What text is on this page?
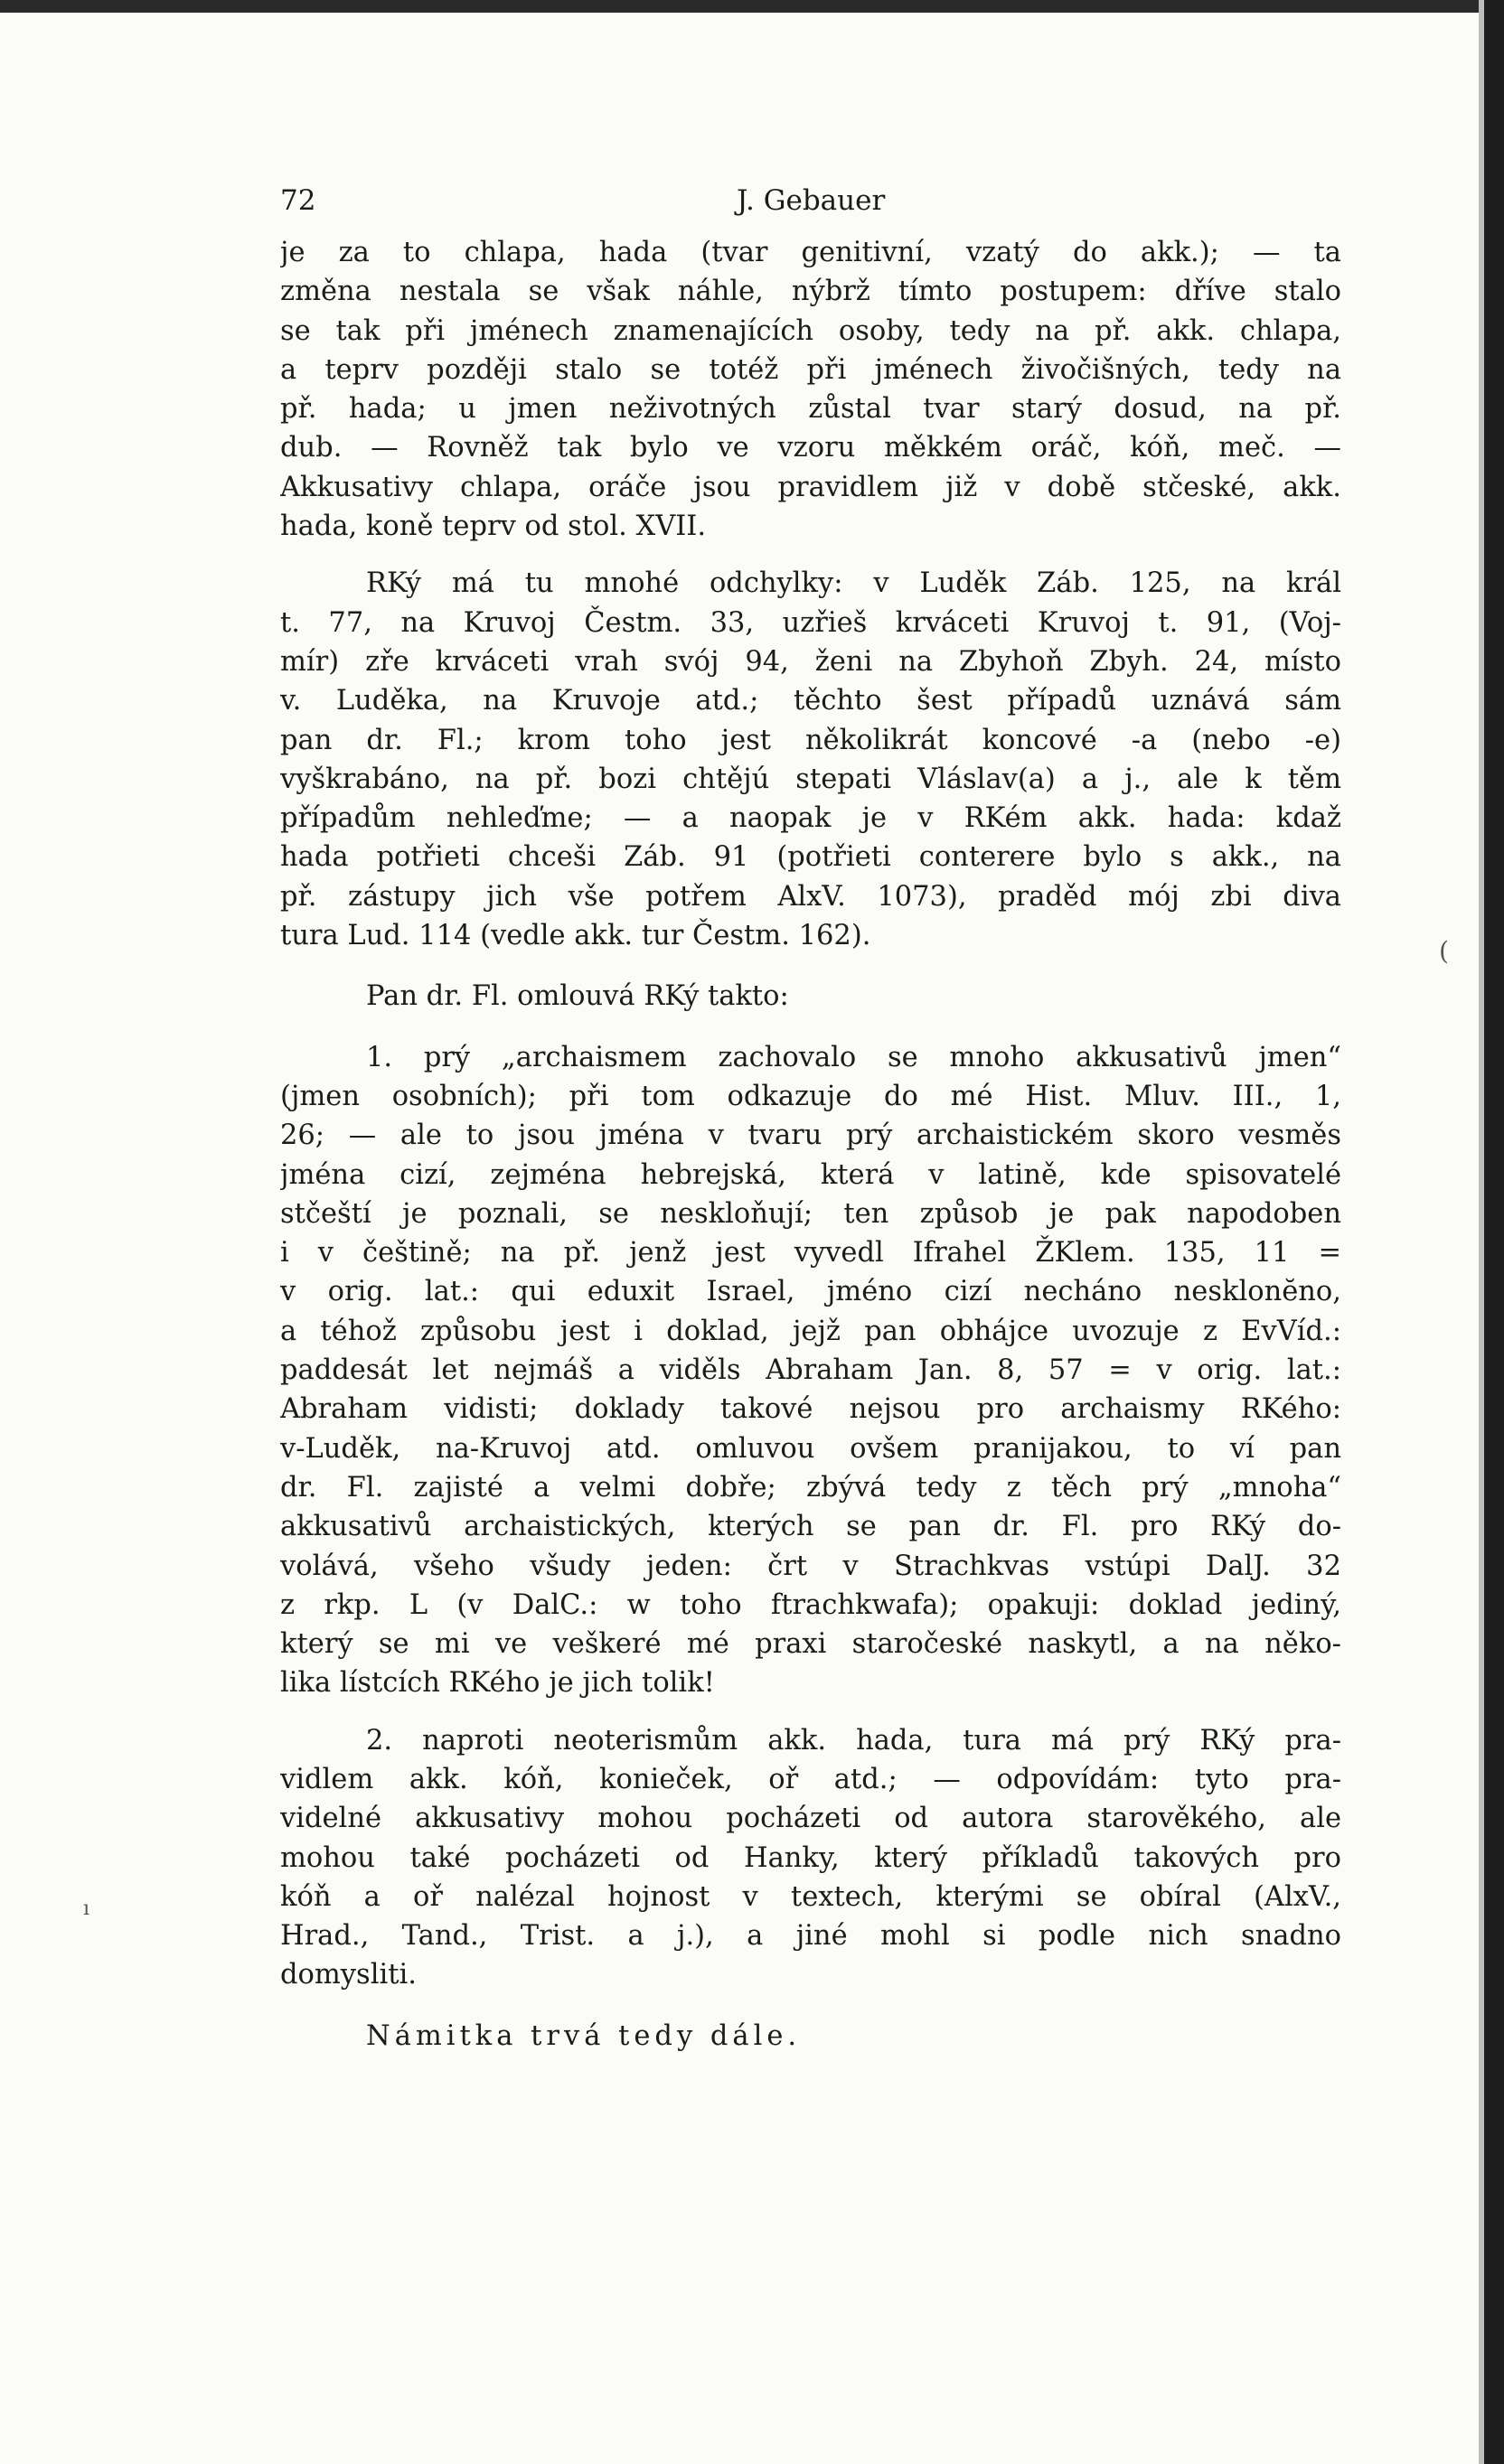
72	J. Gebauer
je za to chlapa, hada (tvar genitivní, vzatý do akk.); — ta
změna nestala se však náhle, nýbrž tímto postupem: dříve stalo
se tak při jménech znamenajících osoby, tedy na př. akk. chlapa,
a teprv později stalo se totéž při jménech živočišných, tedy na
př. hada; u jmen neživotných zůstal tvar starý dosud, na př.
dub. — Rovněž tak bylo ve vzoru měkkém oráč, kóň, meč. —
Akkusativy chlapa, oráče jsou pravidlem již v době stčeské, akk.
hada, koně teprv od stol. XVII.
RKý má tu mnohé odchylky: v Luděk Záb. 125, na král
t. 77, na Kruvoj Čestm. 33, uzřieš krváceti Kruvoj t. 91, (Voj-
mír) zře krváceti vrah svój 94, ženi na Zbyhoň Zbyh. 24, místo
v. Luděka, na Kruvoje atd.; těchto šest případů uznává sám
pan dr. Fl.; krom toho jest několikrát koncové -a (nebo -e)
vyškrabáno, na př. bozi chtějú stepati Vláslav(a) a j., ale k těm
případům nehleďme; — a naopak je v RKém akk. hada: kdaž
hada potřieti chceši Záb. 91 (potřieti conterere bylo s akk., na
př. zástupy jich vše potřem AlxV. 1073), praděd mój zbi diva
tura Lud. 114 (vedle akk. tur Čestm. 162).
Pan dr. Fl. omlouvá RKý takto:
1. prý „archaismem zachovalo se mnoho akkusativů jmen“
(jmen osobních); při tom odkazuje do mé Hist. Mluv. III., 1,
26; — ale to jsou jména v tvaru prý archaistickém skoro vesměs
jména cizí, zejména hebrejská, která v latině, kde spisovatelé
stčeští je poznali, se neskloňují; ten způsob je pak napodoben
i v češtině; na př. jenž jest vyvedl Ifrahel ŽKlem. 135, 11 =
v orig. lat.: qui eduxit Israel, jméno cizí necháno nesklonĕno,
a téhož způsobu jest i doklad, jejž pan obhájce uvozuje z EvVíd.:
paddesát let nejmáš a viděls Abraham Jan. 8, 57 = v orig. lat.:
Abraham vidisti; doklady takové nejsou pro archaismy RKého:
v-Luděk, na-Kruvoj atd. omluvou ovšem pranijakou, to ví pan
dr. Fl. zajisté a velmi dobře; zbývá tedy z těch prý „mnoha“
akkusativů archaistických, kterých se pan dr. Fl. pro RKý do-
volává, všeho všudy jeden: črt v Strachkvas vstúpi DalJ. 32
z rkp. L (v DalC.: w toho ftrachkwafa); opakuji: doklad jediný,
který se mi ve veškeré mé praxi staročeské naskytl, a na něko-
lika lístcích RKého je jich tolik!
2. naproti neoterismům akk. hada, tura má prý RKý pra-
vidlem akk. kóň, konieček, oř atd.; — odpovídám: tyto pra-
videlné akkusativy mohou pocházeti od autora starověkého, ale
mohou také pocházeti od Hanky, který příkladů takových pro
kóň a oř nalézal hojnost v textech, kterými se obíral (AlxV.,
Hrad., Tand., Trist. a j.), a jiné mohl si podle nich snadno
domysliti.
Námitka trvá tedy dále.
(
ı
